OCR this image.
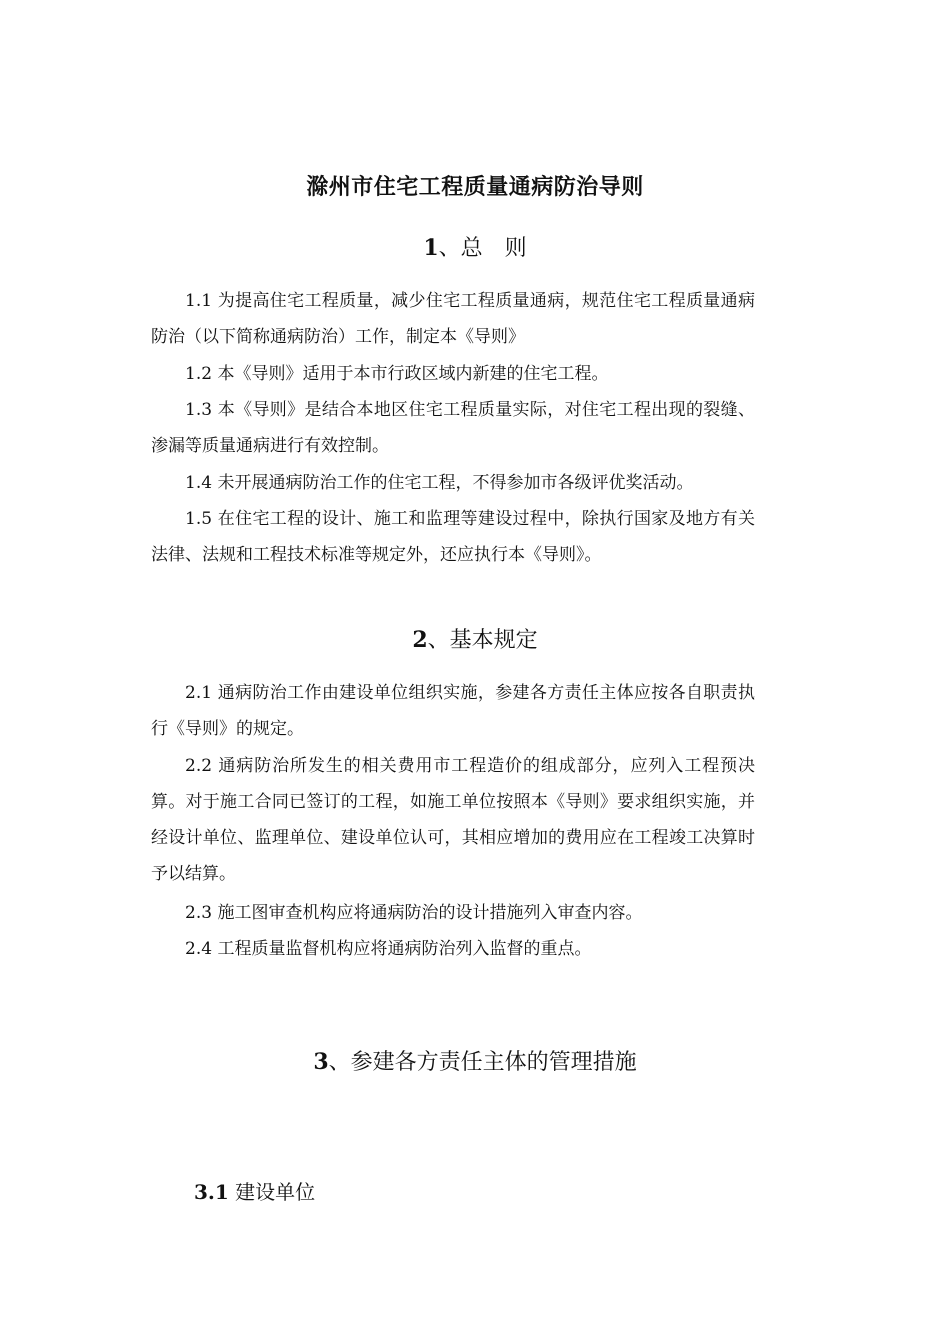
滁州市住宅工程质量通病防治导则
1、总 则

1.1 为提高住宅工程质量，减少住宅工程质量通病，规范住宅工程质量通病防治（以下简称通病防治）工作，制定本《导则》

1.2 本《导则》适用于本市行政区域内新建的住宅工程。

1.3 本《导则》是结合本地区住宅工程质量实际，对住宅工程出现的裂缝、渗漏等质量通病进行有效控制。

1.4 未开展通病防治工作的住宅工程，不得参加市各级评优奖活动。

1.5 在住宅工程的设计、施工和监理等建设过程中，除执行国家及地方有关法律、法规和工程技术标准等规定外，还应执行本《导则》。

2、基本规定

2.1 通病防治工作由建设单位组织实施，参建各方责任主体应按各自职责执行《导则》的规定。

2.2 通病防治所发生的相关费用市工程造价的组成部分，应列入工程预决算。对于施工合同已签订的工程，如施工单位按照本《导则》要求组织实施，并经设计单位、监理单位、建设单位认可，其相应增加的费用应在工程竣工决算时予以结算。

2.3 施工图审查机构应将通病防治的设计措施列入审查内容。

2.4 工程质量监督机构应将通病防治列入监督的重点。

3、参建各方责任主体的管理措施
3.1 建设单位
